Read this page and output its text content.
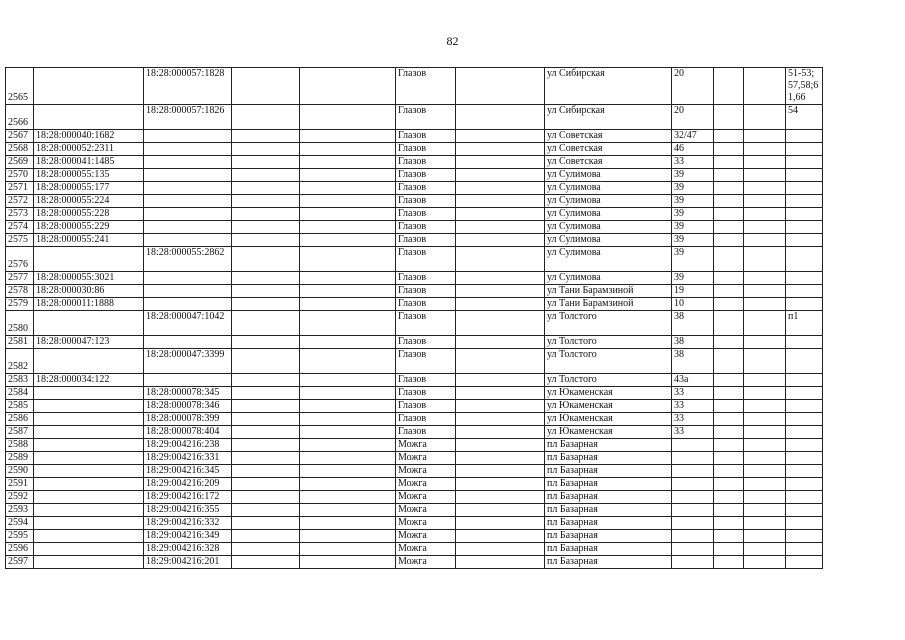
82
2565		18:28:000057:1828			Глазов		ул Сибирская	20			51-53; 57,58;6 1,66
2566		18:28:000057:1826			Глазов		ул Сибирская	20			54
2567	18:28:000040:1682				Глазов		ул Советская	32/47			
2568	18:28:000052:2311				Глазов		ул Советская	46			
2569	18:28:000041:1485				Глазов		ул Советская	33			
2570	18:28:000055:135				Глазов		ул Сулимова	39			
2571	18:28:000055:177				Глазов		ул Сулимова	39			
2572	18:28:000055:224				Глазов		ул Сулимова	39			
2573	18:28:000055:228				Глазов		ул Сулимова	39			
2574	18:28:000055:229				Глазов		ул Сулимова	39			
2575	18:28:000055:241				Глазов		ул Сулимова	39			
2576		18:28:000055:2862			Глазов		ул Сулимова	39			
2577	18:28:000055:3021				Глазов		ул Сулимова	39			
2578	18:28:000030:86				Глазов		ул Тани Барамзиной	19			
2579	18:28:000011:1888				Глазов		ул Тани Барамзиной	10			
2580		18:28:000047:1042			Глазов		ул Толстого	38			п1
2581	18:28:000047:123				Глазов		ул Толстого	38			
2582		18:28:000047:3399			Глазов		ул Толстого	38			
2583	18:28:000034:122				Глазов		ул Толстого	43а			
2584		18:28:000078:345			Глазов		ул Юкаменская	33			
2585		18:28:000078:346			Глазов		ул Юкаменская	33			
2586		18:28:000078:399			Глазов		ул Юкаменская	33			
2587		18:28:000078:404			Глазов		ул Юкаменская	33			
2588		18:29:004216:238			Можга		пл Базарная				
2589		18:29:004216:331			Можга		пл Базарная				
2590		18:29:004216:345			Можга		пл Базарная				
2591		18:29:004216:209			Можга		пл Базарная				
2592		18:29:004216:172			Можга		пл Базарная				
2593		18:29:004216:355			Можга		пл Базарная				
2594		18:29:004216:332			Можга		пл Базарная				
2595		18:29:004216:349			Можга		пл Базарная				
2596		18:29:004216:328			Можга		пл Базарная				
2597		18:29:004216:201			Можга		пл Базарная				
